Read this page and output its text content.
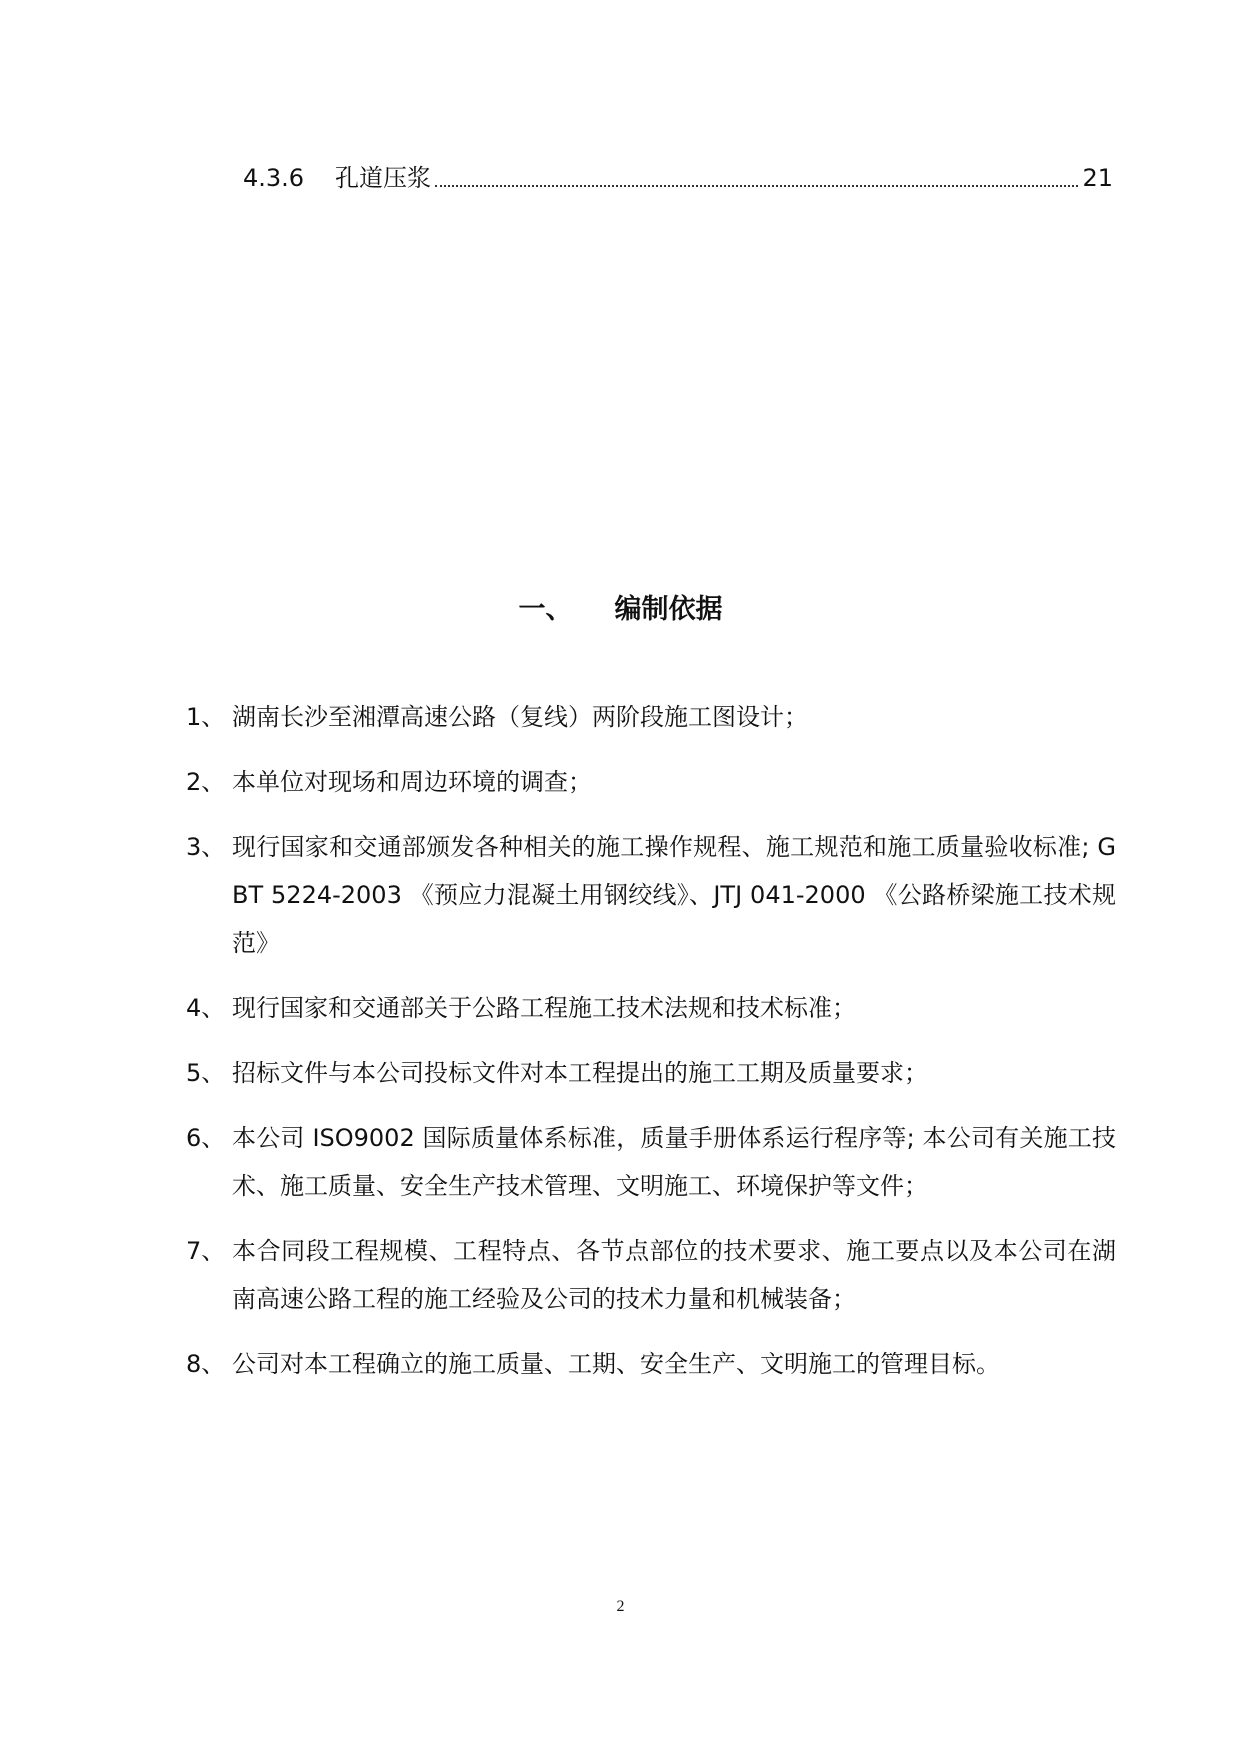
4.3.6	孔道压浆	21
一、 编制依据
1、 湖南长沙至湘潭高速公路（复线）两阶段施工图设计；
2、 本单位对现场和周边环境的调查；
3、 现行国家和交通部颁发各种相关的施工操作规程、施工规范和施工质量验收标准; GBT 5224-2003 《预应力混凝土用钢绞线》、JTJ 041-2000 《公路桥梁施工技术规范》
4、 现行国家和交通部关于公路工程施工技术法规和技术标准；
5、 招标文件与本公司投标文件对本工程提出的施工工期及质量要求；
6、 本公司 ISO9002 国际质量体系标准，质量手册体系运行程序等; 本公司有关施工技术、施工质量、安全生产技术管理、文明施工、环境保护等文件；
7、 本合同段工程规模、工程特点、各节点部位的技术要求、施工要点以及本公司在湖南高速公路工程的施工经验及公司的技术力量和机械装备；
8、 公司对本工程确立的施工质量、工期、安全生产、文明施工的管理目标。
2
